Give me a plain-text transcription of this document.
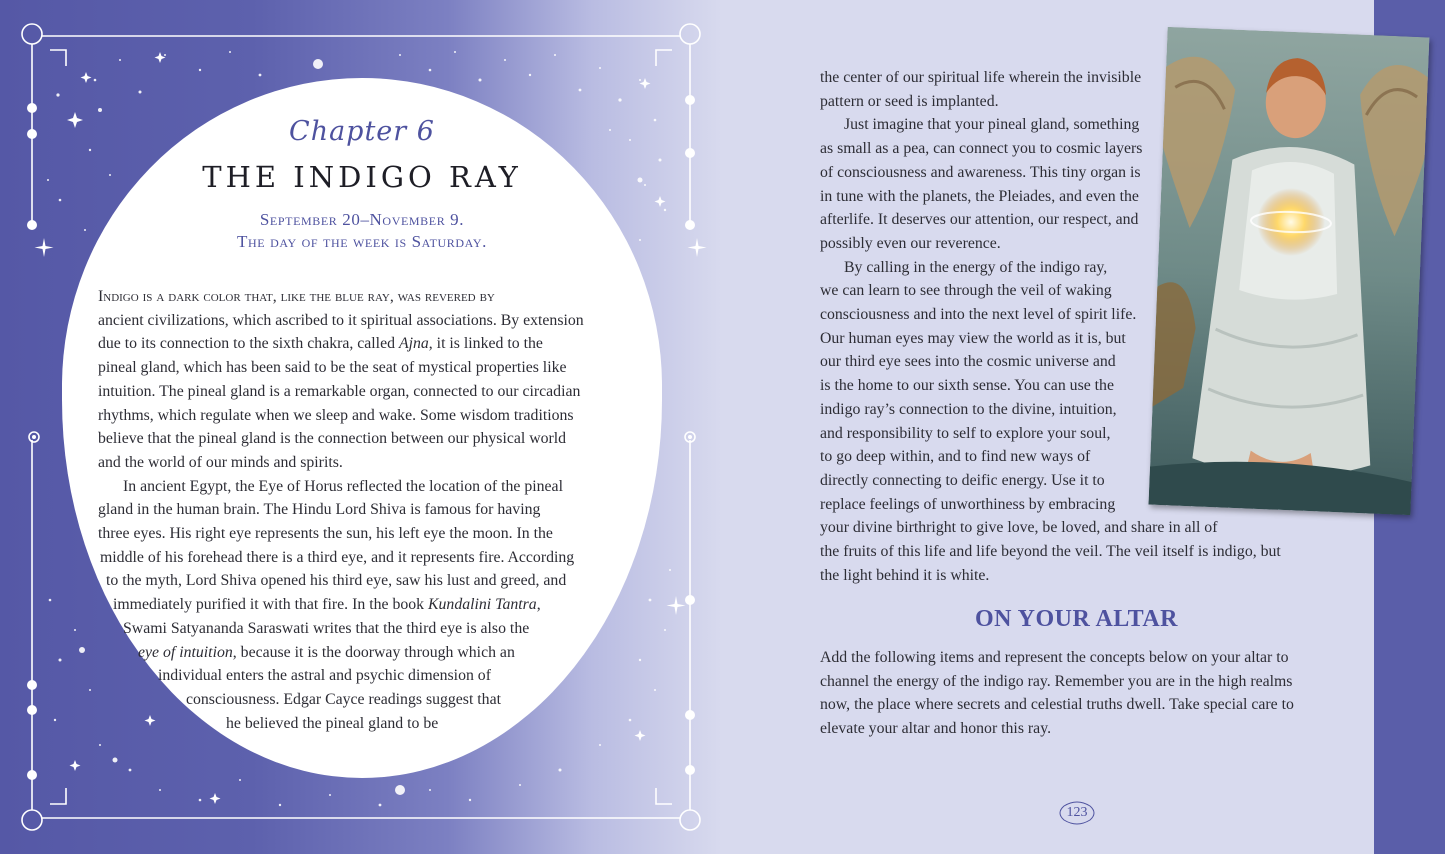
Chapter 6
THE INDIGO RAY
September 20–November 9.
The day of the week is Saturday.
Indigo is a dark color that, like the blue ray, was revered by
ancient civilizations, which ascribed to it spiritual associations. By extension
due to its connection to the sixth chakra, called Ajna, it is linked to the
pineal gland, which has been said to be the seat of mystical properties like
intuition. The pineal gland is a remarkable organ, connected to our circadian
rhythms, which regulate when we sleep and wake. Some wisdom traditions
believe that the pineal gland is the connection between our physical world
and the world of our minds and spirits.
In ancient Egypt, the Eye of Horus reflected the location of the pineal
gland in the human brain. The Hindu Lord Shiva is famous for having
three eyes. His right eye represents the sun, his left eye the moon. In the
middle of his forehead there is a third eye, and it represents fire. According
to the myth, Lord Shiva opened his third eye, saw his lust and greed, and
immediately purified it with that fire. In the book Kundalini Tantra,
Swami Satyananda Saraswati writes that the third eye is also the
eye of intuition, because it is the doorway through which an
individual enters the astral and psychic dimension of
consciousness. Edgar Cayce readings suggest that
he believed the pineal gland to be
the center of our spiritual life wherein the invisible
pattern or seed is implanted.
Just imagine that your pineal gland, something
as small as a pea, can connect you to cosmic layers
of consciousness and awareness. This tiny organ is
in tune with the planets, the Pleiades, and even the
afterlife. It deserves our attention, our respect, and
possibly even our reverence.
By calling in the energy of the indigo ray,
we can learn to see through the veil of waking
consciousness and into the next level of spirit life.
Our human eyes may view the world as it is, but
our third eye sees into the cosmic universe and
is the home to our sixth sense. You can use the
indigo ray’s connection to the divine, intuition,
and responsibility to self to explore your soul,
to go deep within, and to find new ways of
directly connecting to deific energy. Use it to
replace feelings of unworthiness by embracing
your divine birthright to give love, be loved, and share in all of
the fruits of this life and life beyond the veil. The veil itself is indigo, but
the light behind it is white.
ON YOUR ALTAR
Add the following items and represent the concepts below on your altar to
channel the energy of the indigo ray. Remember you are in the high realms
now, the place where secrets and celestial truths dwell. Take special care to
elevate your altar and honor this ray.
123
